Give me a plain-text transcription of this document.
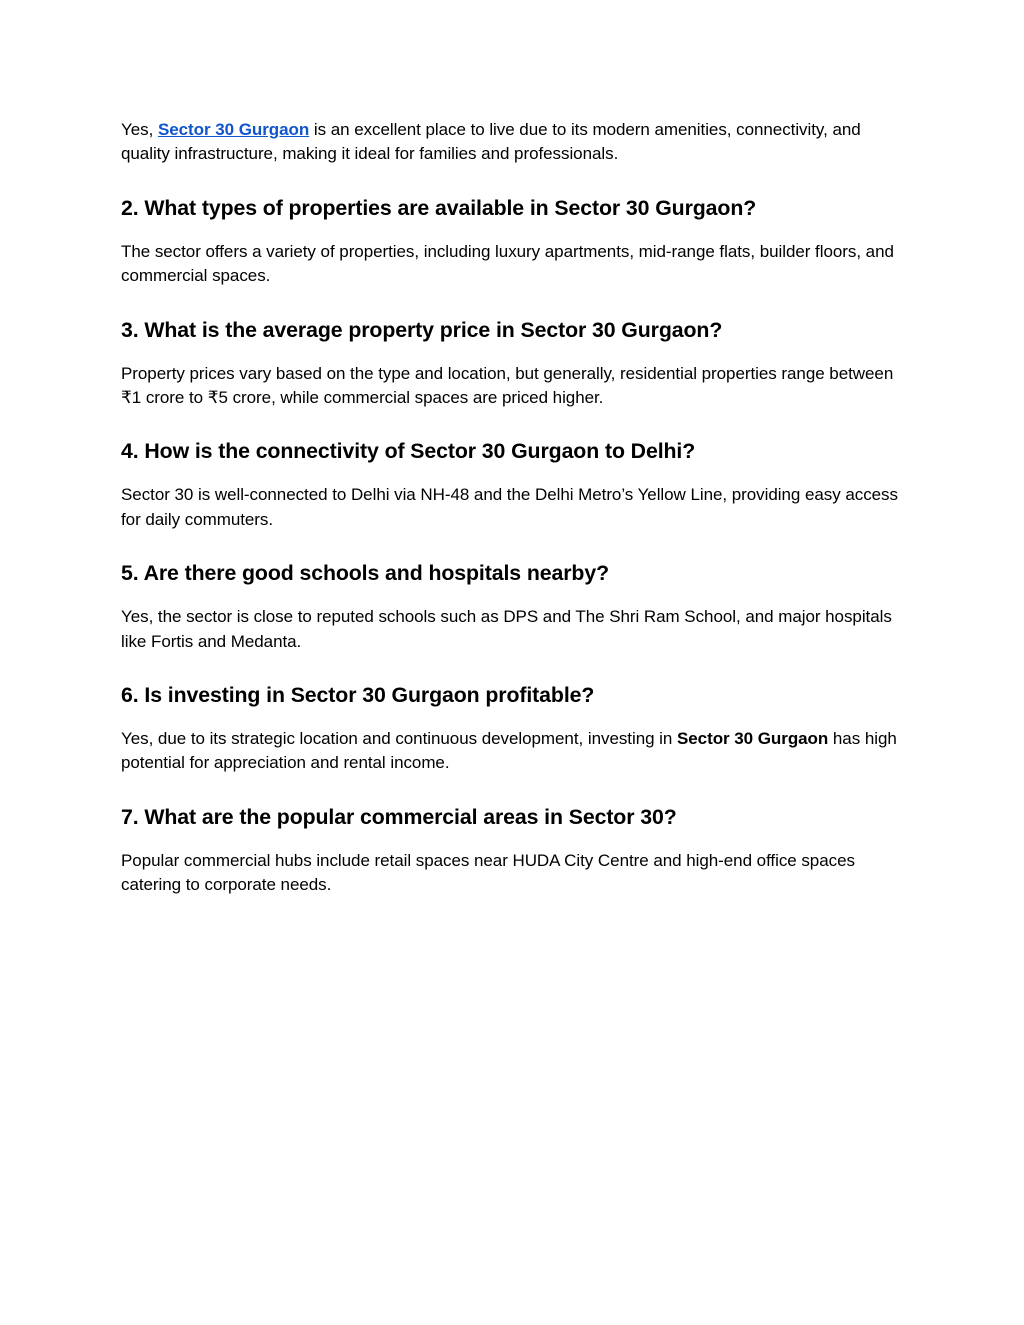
Yes, Sector 30 Gurgaon is an excellent place to live due to its modern amenities, connectivity, and quality infrastructure, making it ideal for families and professionals.

2. What types of properties are available in Sector 30 Gurgaon?

The sector offers a variety of properties, including luxury apartments, mid-range flats, builder floors, and commercial spaces.

3. What is the average property price in Sector 30 Gurgaon?

Property prices vary based on the type and location, but generally, residential properties range between ₹1 crore to ₹5 crore, while commercial spaces are priced higher.

4. How is the connectivity of Sector 30 Gurgaon to Delhi?

Sector 30 is well-connected to Delhi via NH-48 and the Delhi Metro’s Yellow Line, providing easy access for daily commuters.

5. Are there good schools and hospitals nearby?

Yes, the sector is close to reputed schools such as DPS and The Shri Ram School, and major hospitals like Fortis and Medanta.

6. Is investing in Sector 30 Gurgaon profitable?

Yes, due to its strategic location and continuous development, investing in Sector 30 Gurgaon has high potential for appreciation and rental income.

7. What are the popular commercial areas in Sector 30?

Popular commercial hubs include retail spaces near HUDA City Centre and high-end office spaces catering to corporate needs.
